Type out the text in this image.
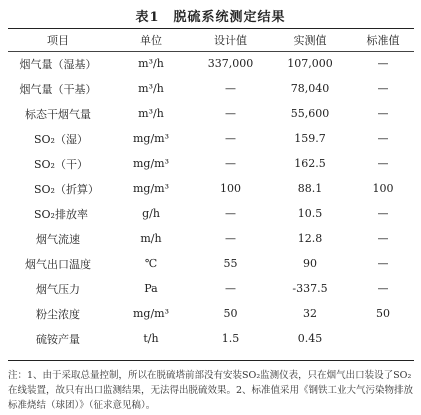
表1　脱硫系统测定结果
项目	单位	设计值	实测值	标准值
烟气量（湿基）	m³/h	337,000	107,000	—
烟气量（干基）	m³/h	—	78,040	—
标态干烟气量	m³/h	—	55,600	—
SO₂（湿）	mg/m³	—	159.7	—
SO₂（干）	mg/m³	—	162.5	—
SO₂（折算）	mg/m³	100	88.1	100
SO₂排放率	g/h	—	10.5	—
烟气流速	m/h	—	12.8	—
烟气出口温度	℃	55	90	—
烟气压力	Pa	—	-337.5	—
粉尘浓度	mg/m³	50	32	50
硫铵产量	t/h	1.5	0.45
注：1、由于采取总量控制，所以在脱硫塔前部没有安装SO₂监测仪表，只在烟气出口装设了SO₂在线装置，故只有出口监测结果，无法得出脱硫效果。2、标准值采用《钢铁工业大气污染物排放标准烧结（球团）》（征求意见稿）。
